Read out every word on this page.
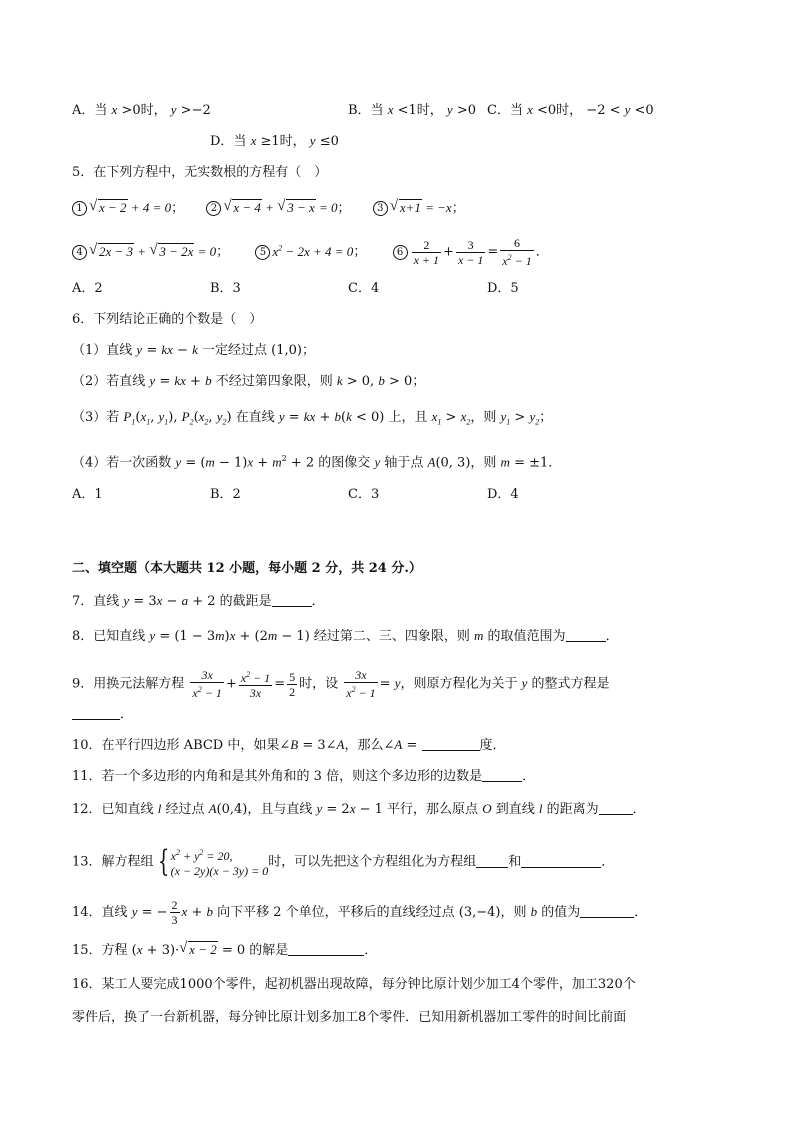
A．当 x >0时， y >−2	B．当 x <1时， y >0 C．当 x <0时， −2 < y <0
D．当 x ≥1时， y ≤0
5．在下列方程中，无实数根的方程有（　）
1 √ x − 2 + 4 = 0；  2 √ x − 4 + √ 3 − x = 0；  3 √ x+1 = −x；
4 √ 2x − 3 + √ 3 − 2x = 0；	5 $x^2 - 2x + 4 = 0$；	$6 \frac{2}{x + 1} + \frac{3}{x - 1} = \frac{6}{x^2 - 1}$ ．
A．2	B．3	C．4	D．5
6．下列结论正确的个数是（　）
（1）直线 y = kx − k 一定经过点 (1,0)；
（2）若直线 y = kx + b 不经过第四象限，则 k > 0, b > 0；
（3）若 $P_1(x_1$, $y_1$), $P_2(x_2$, $y_2$) 在直线 y = kx + b(k < 0) 上，且 $x_1 > x_2$，则 $y_1 > y_2$；
（4）若一次函数 $y = (m - 1)x + m^2 + 2$ 的图像交 y 轴于点 A(0, 3)，则 m = ±1．
A．1	B．2	C．3	D．4
二、填空题（本大题共 12 小题，每小题 2 分，共 24 分.）
7．直线 y = 3x − a + 2 的截距是	．
8．已知直线 y = (1 − 3m)x + (2m − 1) 经过第二、三、四象限，则 m 的取值范围为	．
9．用换元法解方程 $\frac{3x}{x^2 - 1} + \frac{x^2 - 1}{3x} = \frac{5}{2}$ 时，设 $\frac{3x}{x^2 - 1} = y$，则原方程化为关于 y 的整式方程是
．
10．在平行四边形 ABCD 中，如果∠B = 3∠A，那么∠A =	度．
11．若一个多边形的内角和是其外角和的 3 倍，则这个多边形的边数是	．
12．已知直线 l 经过点 A(0,4)，且与直线 y = 2x − 1 平行，那么原点 O 到直线 l 的距离为	．
13．解方程组 { $x^2 + y^2 = 20$,
(x − 2y)(x − 3y) = 0时，可以先把这个方程组化为方程组 和	．
14．直线 y = − $\frac{2}{3}$ x + b 向下平移 2 个单位，平移后的直线经过点 (3,−4)，则 b 的值为	．
15．方程 (x + 3)· √ x − 2 = 0 的解是	．
16．某工人要完成1000个零件，起初机器出现故障，每分钟比原计划少加工4个零件，加工320个
零件后，换了一台新机器，每分钟比原计划多加工8个零件．已知用新机器加工零件的时间比前面
